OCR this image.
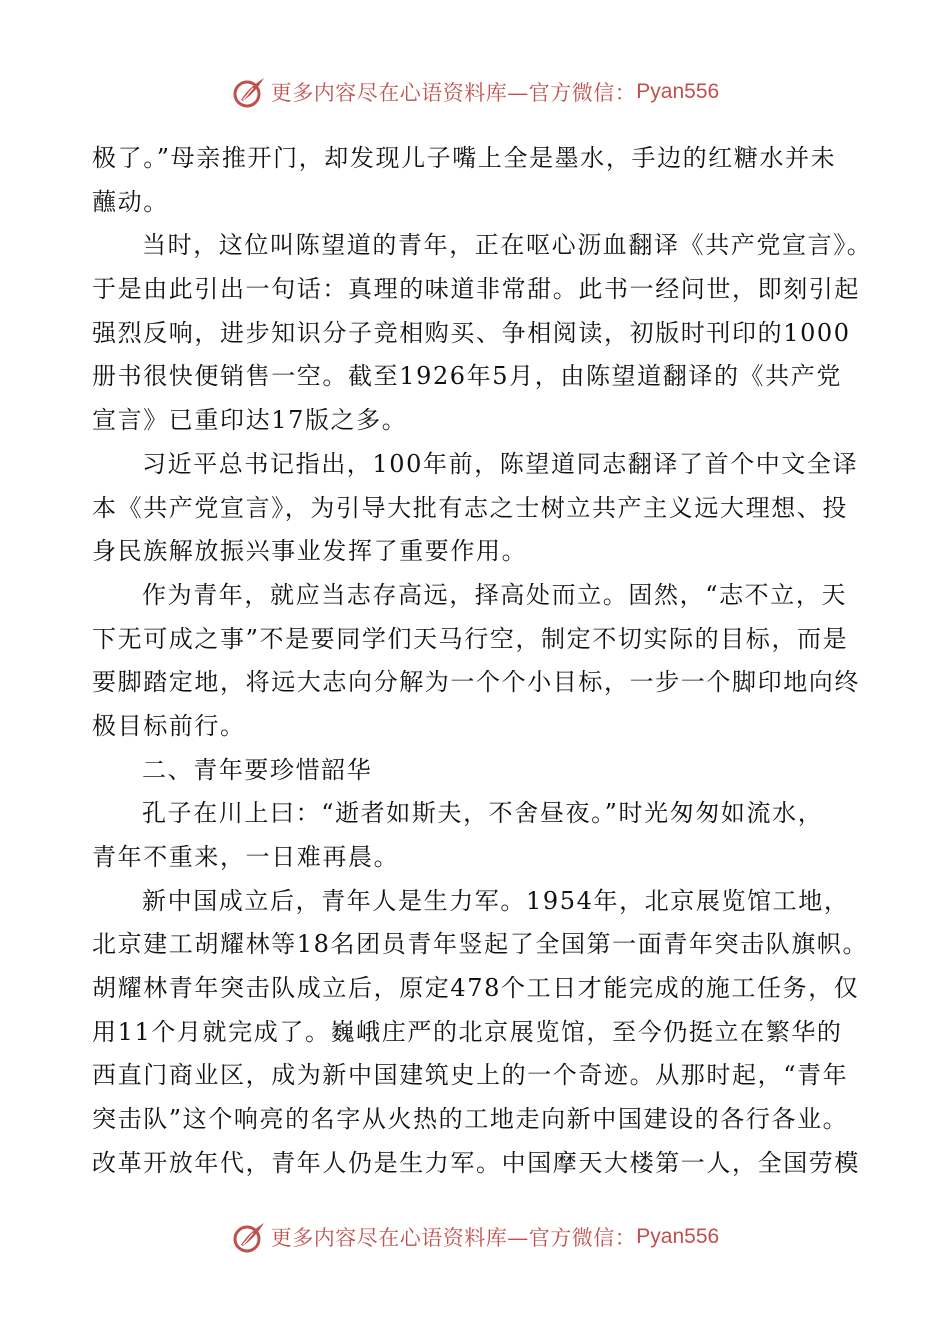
更多内容尽在心语资料库—官方微信： Pyan556
极了。”母亲推开门，却发现儿子嘴上全是墨水，手边的红糖水并未
蘸动。
当时，这位叫陈望道的青年，正在呕心沥血翻译《共产党宣言》。
于是由此引出一句话：真理的味道非常甜。此书一经问世，即刻引起
强烈反响，进步知识分子竞相购买、争相阅读，初版时刊印的1000
册书很快便销售一空。截至1926年5月，由陈望道翻译的《共产党
宣言》已重印达17版之多。
习近平总书记指出，100年前，陈望道同志翻译了首个中文全译
本《共产党宣言》，为引导大批有志之士树立共产主义远大理想、投
身民族解放振兴事业发挥了重要作用。
作为青年，就应当志存高远，择高处而立。固然，“志不立，天
下无可成之事”不是要同学们天马行空，制定不切实际的目标，而是
要脚踏定地，将远大志向分解为一个个小目标，一步一个脚印地向终
极目标前行。
二、青年要珍惜韶华
孔子在川上曰：“逝者如斯夫，不舍昼夜。”时光匆匆如流水，
青年不重来，一日难再晨。
新中国成立后，青年人是生力军。1954年，北京展览馆工地，
北京建工胡耀林等18名团员青年竖起了全国第一面青年突击队旗帜。
胡耀林青年突击队成立后，原定478个工日才能完成的施工任务，仅
用11个月就完成了。巍峨庄严的北京展览馆，至今仍挺立在繁华的
西直门商业区，成为新中国建筑史上的一个奇迹。从那时起，“青年
突击队”这个响亮的名字从火热的工地走向新中国建设的各行各业。
改革开放年代，青年人仍是生力军。中国摩天大楼第一人，全国劳模
更多内容尽在心语资料库—官方微信： Pyan556
